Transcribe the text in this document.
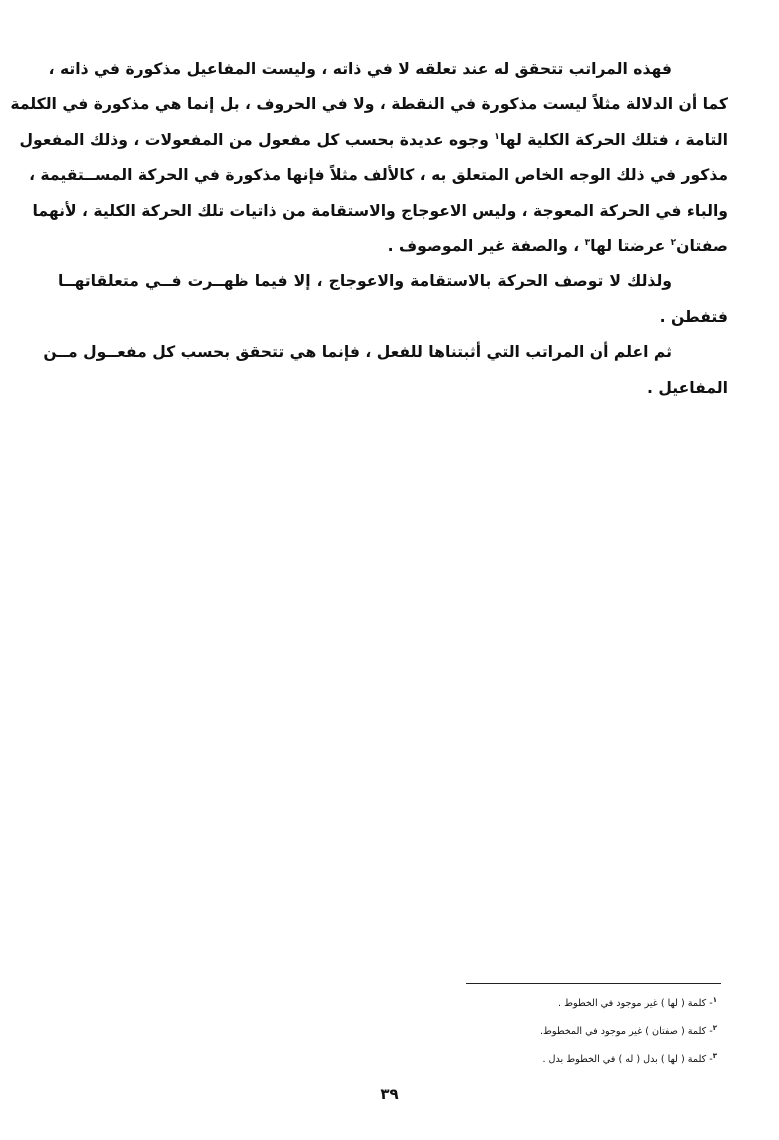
فهذه المراتب تتحقق له عند تعلقه لا في ذاته ، وليست المفاعيل مذكورة في ذاته ،
كما أن الدلالة مثلاً ليست مذكورة في النقطة ، ولا في الحروف ، بل إنما هي مذكورة في الكلمة
التامة ، فتلك الحركة الكلية لها$^١$ وجوه عديدة بحسب كل مفعول من المفعولات ، وذلك المفعول
مذكور في ذلك الوجه الخاص المتعلق به ، كالألف مثلاً فإنها مذكورة في الحركة المســتقيمة ،
والباء في الحركة المعوجة ، وليس الاعوجاج والاستقامة من ذاتيات تلك الحركة الكلية ، لأنهما
صفتان$^٢$ عرضتا لها$^٣$ ، والصفة غير الموصوف .
ولذلك لا توصف الحركة بالاستقامة والاعوجاج ، إلا فيما ظهــرت فــي متعلقاتهــا
فتفطن .
ثم اعلم أن المراتب التي أثبتناها للفعل ، فإنما هي تتحقق بحسب كل مفعــول مــن
المفاعيل .
$^١$- كلمة ( لها ) غير موجود في الخطوط .
$^٢$- كلمة ( صفتان ) غير موجود في المخطوط.
$^٣$- كلمة ( لها ) بدل ( له ) في الخطوط بدل .
٣٩
